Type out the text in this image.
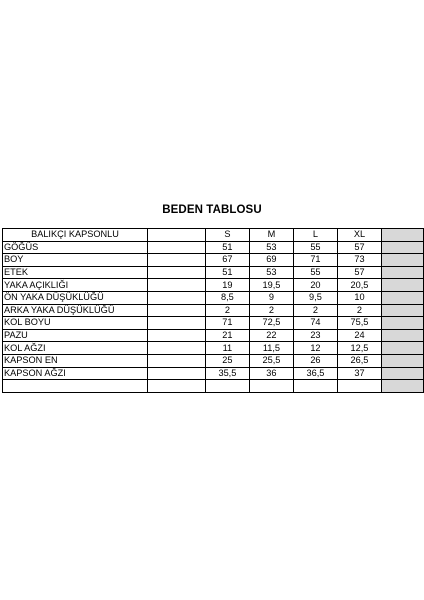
BEDEN TABLOSU
BALIKÇI KAPSONLU		S	M	L	XL	
GÖĞÜS		51	53	55	57	
BOY		67	69	71	73	
ETEK		51	53	55	57	
YAKA AÇIKLIĞI		19	19,5	20	20,5	
ÖN YAKA DÜŞÜKLÜĞÜ		8,5	9	9,5	10	
ARKA YAKA DÜŞÜKLÜĞÜ		2	2	2	2	
KOL BOYU		71	72,5	74	75,5	
PAZU		21	22	23	24	
KOL AĞZI		11	11,5	12	12,5	
KAPSON EN		25	25,5	26	26,5	
KAPSON AĞZI		35,5	36	36,5	37	
